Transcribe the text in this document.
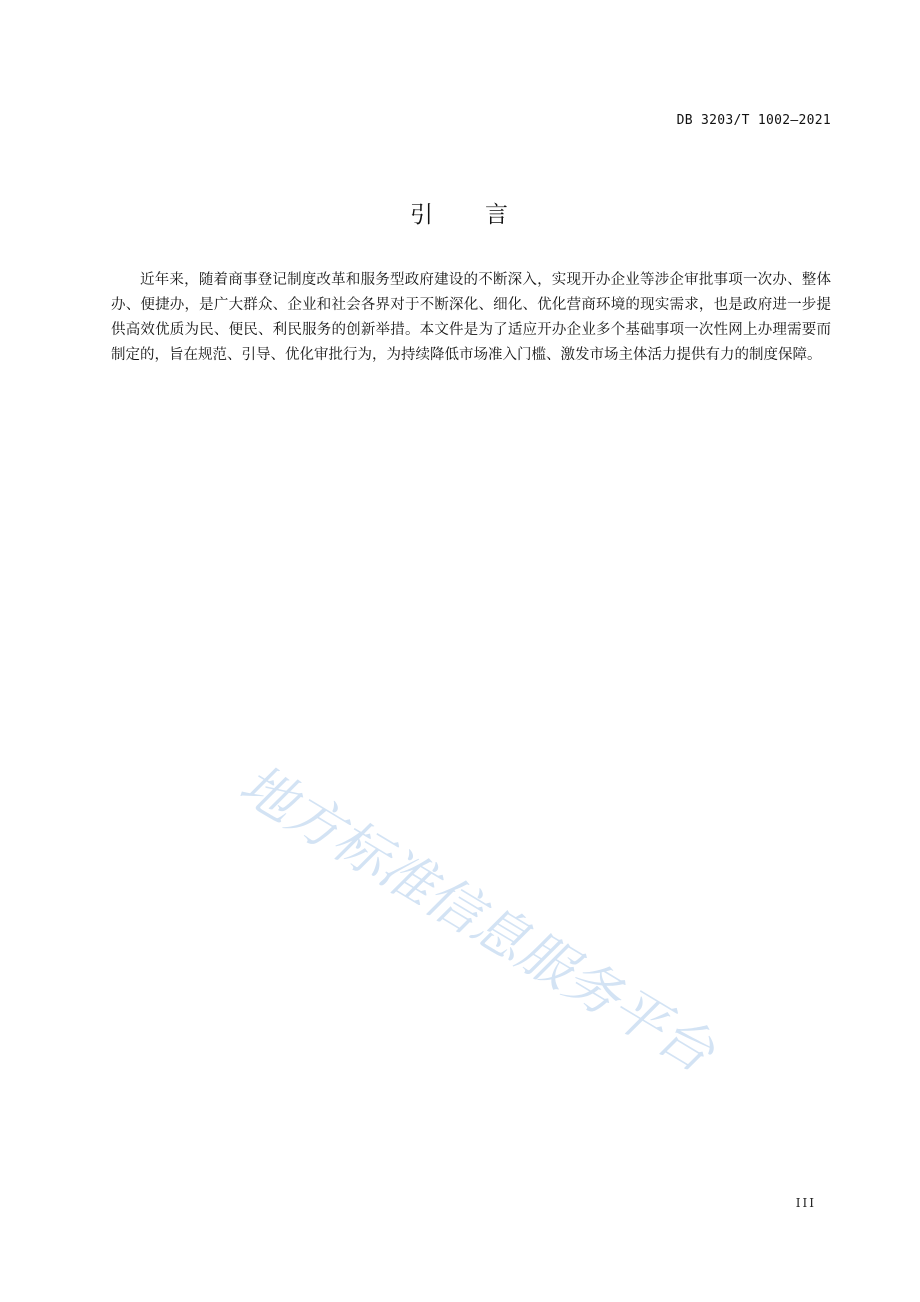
DB 3203/T 1002—2021
引 言

近年来，随着商事登记制度改革和服务型政府建设的不断深入，实现开办企业等涉企审批事项一次办、整体办、便捷办，是广大群众、企业和社会各界对于不断深化、细化、优化营商环境的现实需求，也是政府进一步提供高效优质为民、便民、利民服务的创新举措。本文件是为了适应开办企业多个基础事项一次性网上办理需要而制定的，旨在规范、引导、优化审批行为，为持续降低市场准入门槛、激发市场主体活力提供有力的制度保障。

地方标准信息服务平台
III
